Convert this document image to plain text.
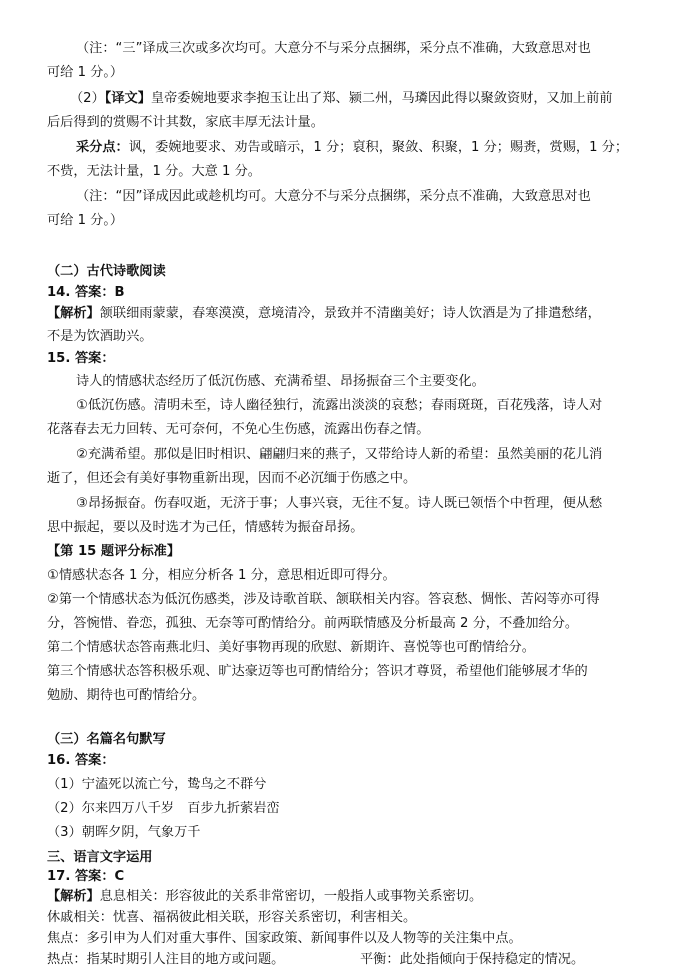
（注：“三”译成三次或多次均可。大意分不与采分点捆绑，采分点不准确，大致意思对也
可给 1 分。）
（2）【译文】皇帝委婉地要求李抱玉让出了郑、颍二州，马璘因此得以聚敛资财，又加上前前
后后得到的赏赐不计其数，家底丰厚无法计量。
采分点：讽，委婉地要求、劝告或暗示，1 分；裒积，聚敛、积聚，1 分；赐赉，赏赐，1 分；
不赀，无法计量，1 分。大意 1 分。
（注：“因”译成因此或趁机均可。大意分不与采分点捆绑，采分点不准确，大致意思对也
可给 1 分。）
（二）古代诗歌阅读
14. 答案：B
【解析】颔联细雨蒙蒙，春寒漠漠，意境清冷，景致并不清幽美好；诗人饮酒是为了排遣愁绪，
不是为饮酒助兴。
15. 答案：
诗人的情感状态经历了低沉伤感、充满希望、昂扬振奋三个主要变化。
①低沉伤感。清明未至，诗人幽径独行，流露出淡淡的哀愁；春雨斑斑，百花残落，诗人对
花落春去无力回转、无可奈何，不免心生伤感，流露出伤春之情。
②充满希望。那似是旧时相识、翩翩归来的燕子，又带给诗人新的希望：虽然美丽的花儿消
逝了，但还会有美好事物重新出现，因而不必沉缅于伤感之中。
③昂扬振奋。伤春叹逝，无济于事；人事兴衰，无往不复。诗人既已领悟个中哲理，便从愁
思中振起，要以及时选才为己任，情感转为振奋昂扬。
【第 15 题评分标准】
①情感状态各 1 分，相应分析各 1 分，意思相近即可得分。
②第一个情感状态为低沉伤感类，涉及诗歌首联、颔联相关内容。答哀愁、惆怅、苦闷等亦可得
分，答惋惜、眷恋，孤独、无奈等可酌情给分。前两联情感及分析最高 2 分，不叠加给分。
第二个情感状态答南燕北归、美好事物再现的欣慰、新期许、喜悦等也可酌情给分。
第三个情感状态答积极乐观、旷达豪迈等也可酌情给分；答识才尊贤，希望他们能够展才华的
勉励、期待也可酌情给分。
（三）名篇名句默写
16. 答案：
（1）宁溘死以流亡兮，鸷鸟之不群兮
（2）尔来四万八千岁　百步九折萦岩峦
（3）朝晖夕阴，气象万千
三、语言文字运用
17. 答案：C
【解析】息息相关：形容彼此的关系非常密切，一般指人或事物关系密切。
休戚相关：忧喜、福祸彼此相关联，形容关系密切，利害相关。
焦点：多引申为人们对重大事件、国家政策、新闻事件以及人物等的关注集中点。
热点：指某时期引人注目的地方或问题。	平衡：此处指倾向于保持稳定的情况。
